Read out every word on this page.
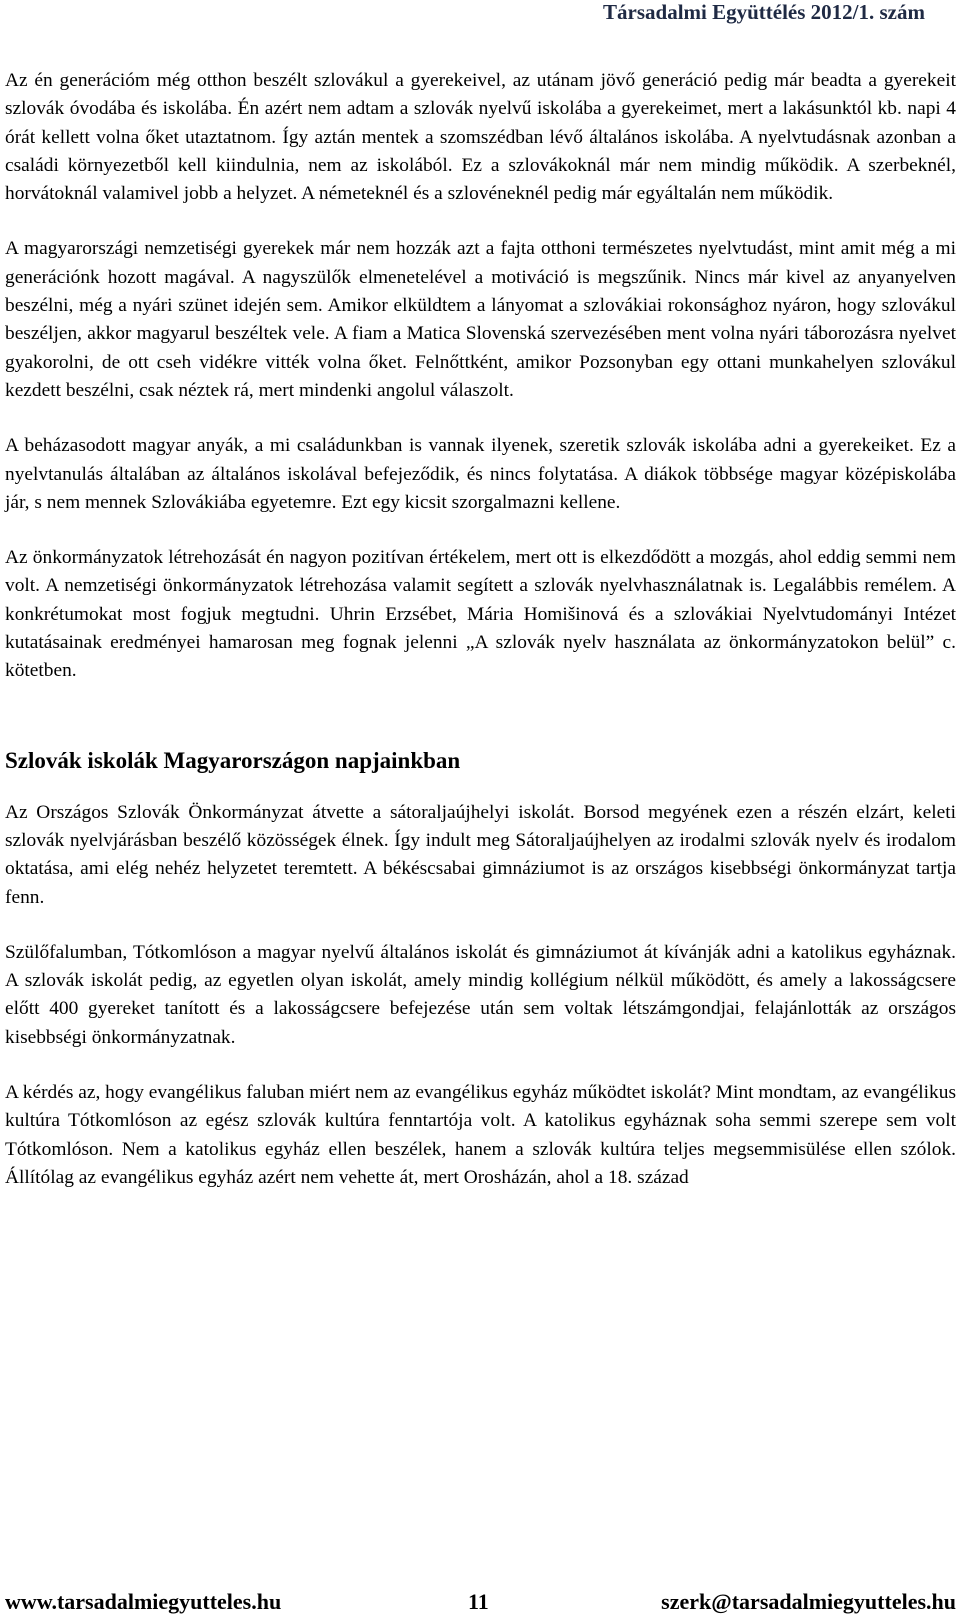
Társadalmi Együttélés 2012/1. szám

Az én generációm még otthon beszélt szlovákul a gyerekeivel, az utánam jövő generáció pedig már beadta a gyerekeit szlovák óvodába és iskolába. Én azért nem adtam a szlovák nyelvű iskolába a gyerekeimet, mert a lakásunktól kb. napi 4 órát kellett volna őket utaztatnom. Így aztán mentek a szomszédban lévő általános iskolába. A nyelvtudásnak azonban a családi környezetből kell kiindulnia, nem az iskolából. Ez a szlovákoknál már nem mindig működik. A szerbeknél, horvátoknál valamivel jobb a helyzet. A németeknél és a szlovéneknél pedig már egyáltalán nem működik.

A magyarországi nemzetiségi gyerekek már nem hozzák azt a fajta otthoni természetes nyelvtudást, mint amit még a mi generációnk hozott magával. A nagyszülők elmenetelével a motiváció is megszűnik. Nincs már kivel az anyanyelven beszélni, még a nyári szünet idején sem. Amikor elküldtem a lányomat a szlovákiai rokonsághoz nyáron, hogy szlovákul beszéljen, akkor magyarul beszéltek vele. A fiam a Matica Slovenská szervezésében ment volna nyári táborozásra nyelvet gyakorolni, de ott cseh vidékre vitték volna őket. Felnőttként, amikor Pozsonyban egy ottani munkahelyen szlovákul kezdett beszélni, csak néztek rá, mert mindenki angolul válaszolt.

A beházasodott magyar anyák, a mi családunkban is vannak ilyenek, szeretik szlovák iskolába adni a gyerekeiket. Ez a nyelvtanulás általában az általános iskolával befejeződik, és nincs folytatása. A diákok többsége magyar középiskolába jár, s nem mennek Szlovákiába egyetemre. Ezt egy kicsit szorgalmazni kellene.

Az önkormányzatok létrehozását én nagyon pozitívan értékelem, mert ott is elkezdődött a mozgás, ahol eddig semmi nem volt. A nemzetiségi önkormányzatok létrehozása valamit segített a szlovák nyelvhasználatnak is. Legalábbis remélem. A konkrétumokat most fogjuk megtudni. Uhrin Erzsébet, Mária Homišinová és a szlovákiai Nyelvtudományi Intézet kutatásainak eredményei hamarosan meg fognak jelenni „A szlovák nyelv használata az önkormányzatokon belül” c. kötetben.

Szlovák iskolák Magyarországon napjainkban

Az Országos Szlovák Önkormányzat átvette a sátoraljaújhelyi iskolát. Borsod megyének ezen a részén elzárt, keleti szlovák nyelvjárásban beszélő közösségek élnek. Így indult meg Sátoraljaújhelyen az irodalmi szlovák nyelv és irodalom oktatása, ami elég nehéz helyzetet teremtett. A békéscsabai gimnáziumot is az országos kisebbségi önkormányzat tartja fenn.

Szülőfalumban, Tótkomlóson a magyar nyelvű általános iskolát és gimnáziumot át kívánják adni a katolikus egyháznak. A szlovák iskolát pedig, az egyetlen olyan iskolát, amely mindig kollégium nélkül működött, és amely a lakosságcsere előtt 400 gyereket tanított és a lakosságcsere befejezése után sem voltak létszámgondjai, felajánlották az országos kisebbségi önkormányzatnak.

A kérdés az, hogy evangélikus faluban miért nem az evangélikus egyház működtet iskolát? Mint mondtam, az evangélikus kultúra Tótkomlóson az egész szlovák kultúra fenntartója volt. A katolikus egyháznak soha semmi szerepe sem volt Tótkomlóson. Nem a katolikus egyház ellen beszélek, hanem a szlovák kultúra teljes megsemmisülése ellen szólok. Állítólag az evangélikus egyház azért nem vehette át, mert Orosházán, ahol a 18. század

www.tarsadalmiegyutteles.hu	11	szerk@tarsadalmiegyutteles.hu
